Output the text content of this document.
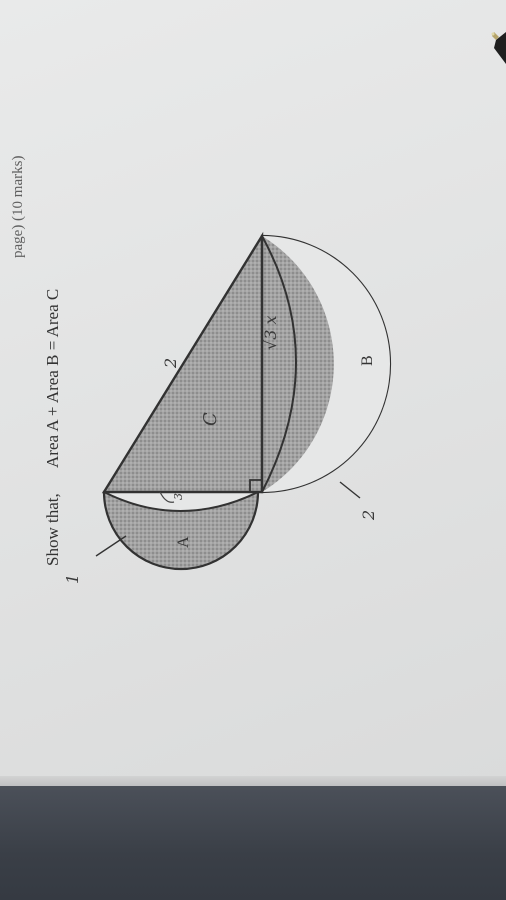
page) (10 marks)
Show that,
Area A + Area B = Area C	C
A
B
2
√3 x
3
1
2
